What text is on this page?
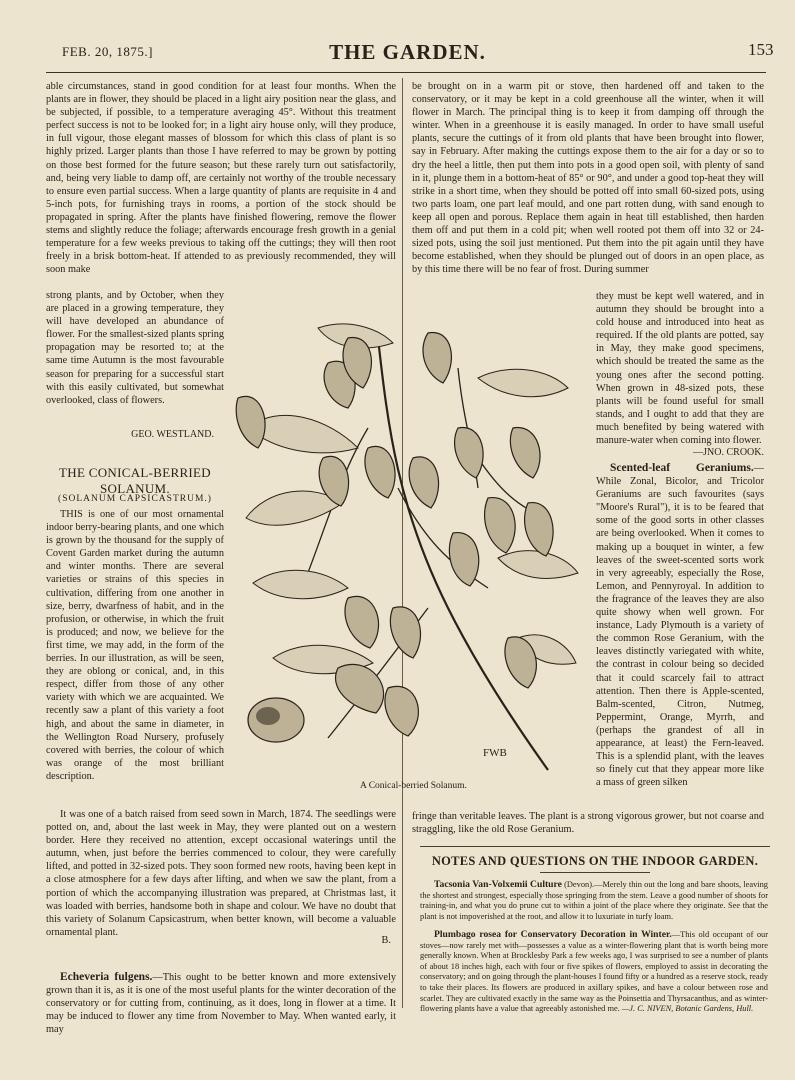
FEB. 20, 1875.]	THE GARDEN.	153

able circumstances, stand in good condition for at least four months. When the plants are in flower, they should be placed in a light airy position near the glass, and be subjected, if possible, to a temperature averaging 45°. Without this treatment perfect success is not to be looked for; in a light airy house only, will they produce, in full vigour, those elegant masses of blossom for which this class of plant is so highly prized. Larger plants than those I have referred to may be grown by potting on those best formed for the future season; but these rarely turn out satisfactorily, and, being very liable to damp off, are certainly not worthy of the trouble necessary to ensure even partial success. When a large quantity of plants are requisite in 4 and 5-inch pots, for furnishing trays in rooms, a portion of the stock should be propagated in spring. After the plants have finished flowering, remove the flower stems and slightly reduce the foliage; afterwards encourage fresh growth in a genial temperature for a few weeks previous to taking off the cuttings; they will then root freely in a brisk bottom-heat. If attended to as previously recommended, they will soon make

strong plants, and by October, when they are placed in a growing temperature, they will have developed an abundance of flower. For the smallest-sized plants spring propagation may be resorted to; at the same time Autumn is the most favourable season for preparing for a successful start with this easily cultivated, but somewhat overlooked, class of flowers.

GEO. WESTLAND.
THE CONICAL-BERRIED SOLANUM.
(SOLANUM CAPSICASTRUM.)

THIS is one of our most ornamental indoor berry-bearing plants, and one which is grown by the thousand for the supply of Covent Garden market during the autumn and winter months. There are several varieties or strains of this species in cultivation, differing from one another in size, berry, dwarfness of habit, and in the profusion, or otherwise, in which the fruit is produced; and now, we believe for the first time, we may add, in the form of the berries. In our illustration, as will be seen, they are oblong or conical, and, in this respect, differ from those of any other variety with which we are acquainted. We recently saw a plant of this variety a foot high, and about the same in diameter, in the Wellington Road Nursery, profusely covered with berries, the colour of which was orange of the most brilliant description.

It was one of a batch raised from seed sown in March, 1874. The seedlings were potted on, and, about the last week in May, they were planted out on a western border. Here they received no attention, except occasional waterings until the autumn, when, just before the berries commenced to colour, they were carefully lifted, and potted in 32-sized pots. They soon formed new roots, having been kept in a close atmosphere for a few days after lifting, and when we saw the plant, from a portion of which the accompanying illustration was prepared, at Christmas last, it was loaded with berries, handsome both in shape and colour. We have no doubt that this variety of Solanum Capsicastrum, when better known, will become a valuable ornamental plant.

B.

Echeveria fulgens.—This ought to be better known and more extensively grown than it is, as it is one of the most useful plants for the winter decoration of the conservatory or for cutting from, continuing, as it does, long in flower at a time. It may be induced to flower any time from November to May. When wanted early, it may

be brought on in a warm pit or stove, then hardened off and taken to the conservatory, or it may be kept in a cold greenhouse all the winter, when it will flower in March. The principal thing is to keep it from damping off through the winter. When in a greenhouse it is easily managed. In order to have small useful plants, secure the cuttings of it from old plants that have been brought into flower, say in February. After making the cuttings expose them to the air for a day or so to dry the heel a little, then put them into pots in a good open soil, with plenty of sand in it, plunge them in a bottom-heat of 85° or 90°, and under a good top-heat they will strike in a short time, when they should be potted off into small 60-sized pots, using two parts loam, one part leaf mould, and one part rotten dung, with sand enough to keep all open and porous. Replace them again in heat till established, then harden them off and put them in a cold pit; when well rooted pot them off into 32 or 24-sized pots, using the soil just mentioned. Put them into the pit again until they have become established, when they should be plunged out of doors in an open place, as by this time there will be no fear of frost. During summer

they must be kept well watered, and in autumn they should be brought into a cold house and introduced into heat as required. If the old plants are potted, say in May, they make good specimens, which should be treated the same as the young ones after the second potting. When grown in 48-sized pots, these plants will be found useful for small stands, and I ought to add that they are much benefited by being watered with manure-water when coming into flower.

—JNO. CROOK.

Scented-leaf Geraniums.—While Zonal, Bicolor, and Tricolor Geraniums are such favourites (says "Moore's Rural"), it is to be feared that some of the good sorts in other classes are being overlooked. When it comes to making up a bouquet in winter, a few leaves of the sweet-scented sorts work in very agreeably, especially the Rose, Lemon, and Pennyroyal. In addition to the fragrance of the leaves they are also quite showy when well grown. For instance, Lady Plymouth is a variety of the common Rose Geranium, with the leaves distinctly variegated with white, the contrast in colour being so decided that it could scarcely fail to attract attention. Then there is Apple-scented, Balm-scented, Citron, Nutmeg, Peppermint, Orange, Myrrh, and (perhaps the grandest of all in appearance, at least) the Fern-leaved. This is a splendid plant, with the leaves so finely cut that they appear more like a mass of green silken

fringe than veritable leaves. The plant is a strong vigorous grower, but not coarse and straggling, like the old Rose Geranium.

NOTES AND QUESTIONS ON THE INDOOR GARDEN.

Tacsonia Van-Volxemii Culture (Devon).—Merely thin out the long and bare shoots, leaving the shortest and strongest, especially those springing from the stem. Leave a good number of shoots for training-in, and what you do prune cut to within a joint of the place where they originate. See that the plant is not impoverished at the root, and allow it to luxuriate in turfy loam.

Plumbago rosea for Conservatory Decoration in Winter.—This old occupant of our stoves—now rarely met with—possesses a value as a winter-flowering plant that is worth being more generally known. When at Brocklesby Park a few weeks ago, I was surprised to see a number of plants of about 18 inches high, each with four or five spikes of flowers, employed to assist in decorating the conservatory; and on going through the plant-houses I found fifty or a hundred as a reserve stock, ready to take their places. Its flowers are produced in axillary spikes, and have a colour between rose and scarlet. They are cultivated exactly in the same way as the Poinsettia and Thyrsacanthus, and as winter-flowering plants have a value that agreeably astonished me. —J. C. NIVEN, Botanic Gardens, Hull.

FWB
A Conical-berried Solanum.
